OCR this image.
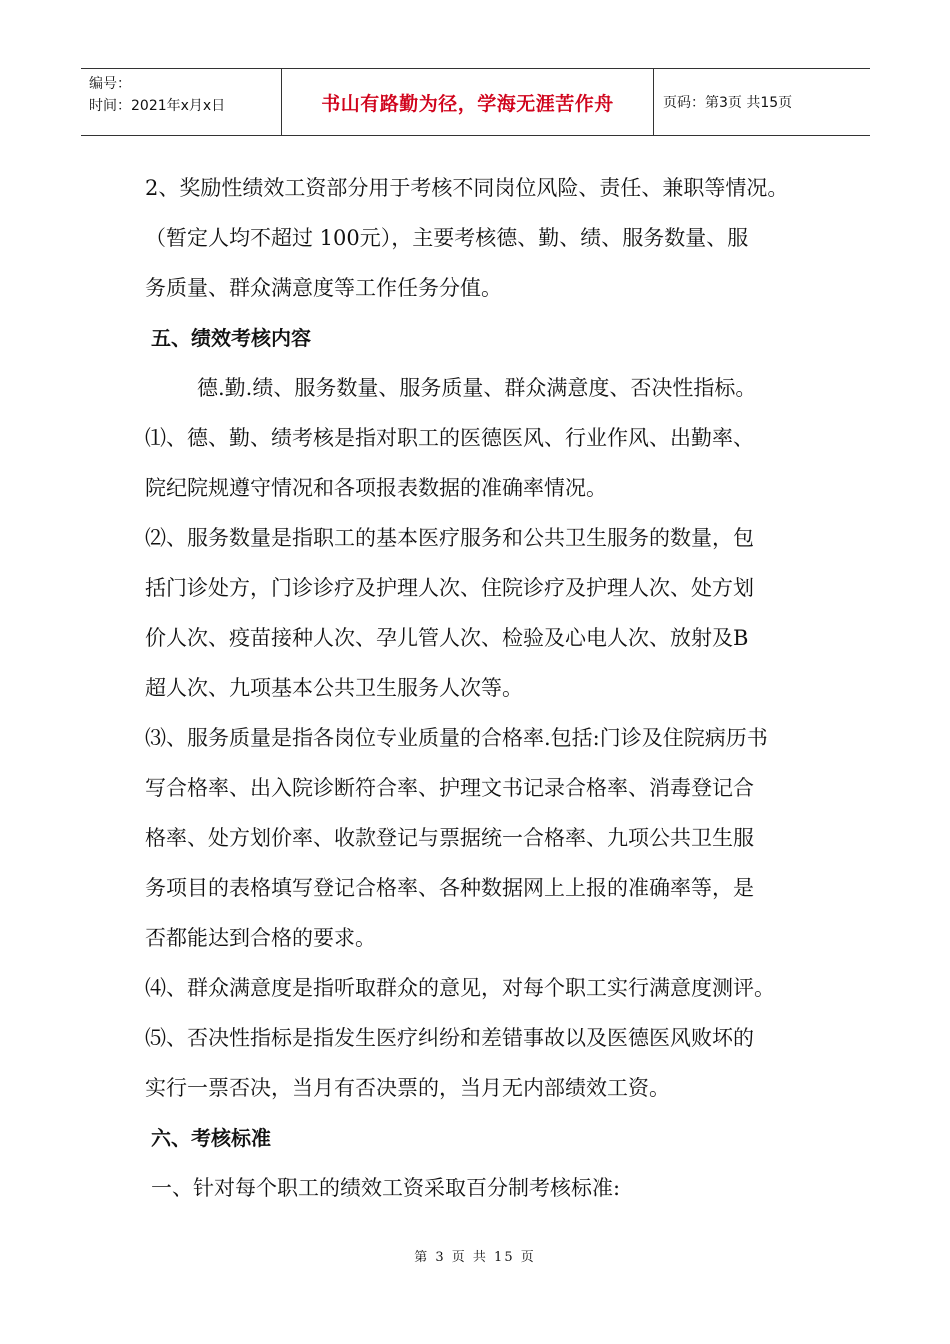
编号：
时间：2021年x月x日	书山有路勤为径，学海无涯苦作舟	页码：第3页 共15页
2、奖励性绩效工资部分用于考核不同岗位风险、责任、兼职等情况。
（暂定人均不超过 100元），主要考核德、勤、绩、服务数量、服
务质量、群众满意度等工作任务分值。
五、绩效考核内容
德.勤.绩、服务数量、服务质量、群众满意度、否决性指标。
⑴、德、勤、绩考核是指对职工的医德医风、行业作风、出勤率、
院纪院规遵守情况和各项报表数据的准确率情况。
⑵、服务数量是指职工的基本医疗服务和公共卫生服务的数量，包
括门诊处方，门诊诊疗及护理人次、住院诊疗及护理人次、处方划
价人次、疫苗接种人次、孕儿管人次、检验及心电人次、放射及B
超人次、九项基本公共卫生服务人次等。
⑶、服务质量是指各岗位专业质量的合格率.包括:门诊及住院病历书
写合格率、出入院诊断符合率、护理文书记录合格率、消毒登记合
格率、处方划价率、收款登记与票据统一合格率、九项公共卫生服
务项目的表格填写登记合格率、各种数据网上上报的准确率等，是
否都能达到合格的要求。
⑷、群众满意度是指听取群众的意见，对每个职工实行满意度测评。
⑸、否决性指标是指发生医疗纠纷和差错事故以及医德医风败坏的
实行一票否决，当月有否决票的，当月无内部绩效工资。
六、考核标准
一、针对每个职工的绩效工资采取百分制考核标准:
第 3 页 共 15 页
